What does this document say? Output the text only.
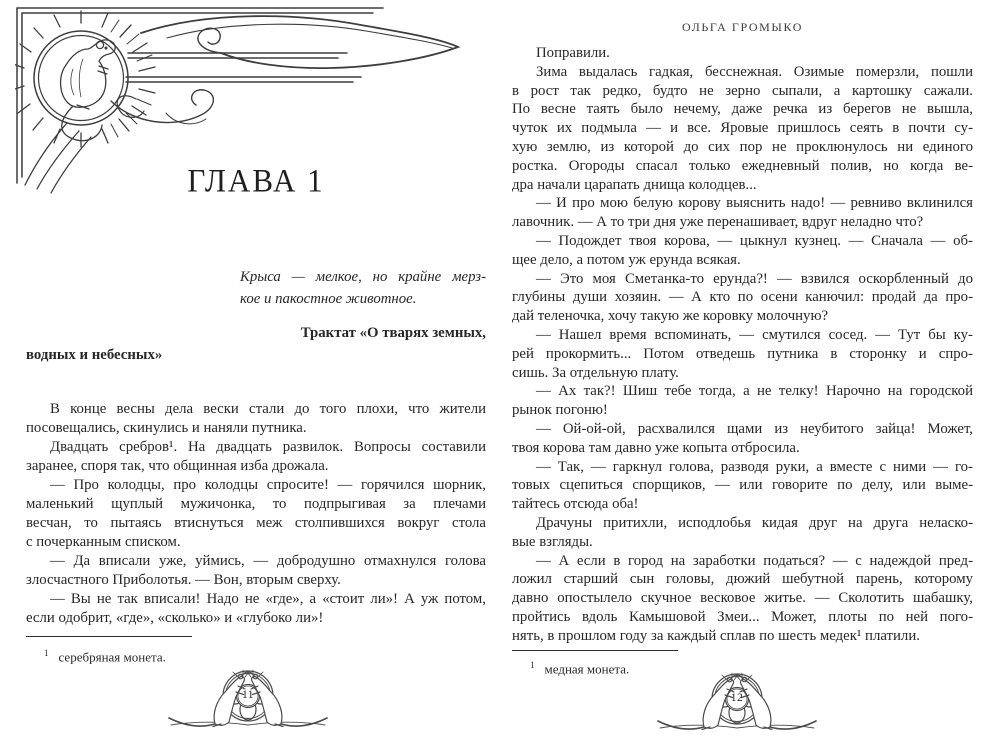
ГЛАВА 1
Крыса — мелкое, но крайне мерз-
кое и пакостное животное.
Трактат «О тварях земных,
водных и небесных»
В конце весны дела вески стали до того плохи, что жители
посовещались, скинулись и наняли путника.
Двадцать сребров¹. На двадцать развилок. Вопросы составили
заранее, споря так, что общинная изба дрожала.
— Про колодцы, про колодцы спросите! — горячился шорник,
маленький щуплый мужичонка, то подпрыгивая за плечами
весчан, то пытаясь втиснуться меж столпившихся вокруг стола
с почерканным списком.
— Да вписали уже, уймись, — добродушно отмахнулся голова
злосчастного Приболотья. — Вон, вторым сверху.
— Вы не так вписали! Надо не «где», а «стоит ли»! А уж потом,
если одобрит, «где», «сколько» и «глубоко ли»!
$^1$ серебряная монета.
11
ОЛЬГА ГРОМЫКО
Поправили.
Зима выдалась гадкая, бесснежная. Озимые померзли, пошли
в рост так редко, будто не зерно сыпали, а картошку сажали.
По весне таять было нечему, даже речка из берегов не вышла,
чуток их подмыла — и все. Яровые пришлось сеять в почти су-
хую землю, из которой до сих пор не проклюнулось ни единого
ростка. Огороды спасал только ежедневный полив, но когда ве-
дра начали царапать днища колодцев...
— И про мою белую корову выяснить надо! — ревниво вклинился
лавочник. — А то три дня уже перенашивает, вдруг неладно что?
— Подождет твоя корова, — цыкнул кузнец. — Сначала — об-
щее дело, а потом уж ерунда всякая.
— Это моя Сметанка-то ерунда?! — взвился оскорбленный до
глубины души хозяин. — А кто по осени канючил: продай да про-
дай теленочка, хочу такую же коровку молочную?
— Нашел время вспоминать, — смутился сосед. — Тут бы ку-
рей прокормить... Потом отведешь путника в сторонку и спро-
сишь. За отдельную плату.
— Ах так?! Шиш тебе тогда, а не телку! Нарочно на городской
рынок погоню!
— Ой-ой-ой, расхвалился щами из неубитого зайца! Может,
твоя корова там давно уже копыта отбросила.
— Так, — гаркнул голова, разводя руки, а вместе с ними — го-
товых сцепиться спорщиков, — или говорите по делу, или выме-
тайтесь отсюда оба!
Драчуны притихли, исподлобья кидая друг на друга неласко-
вые взгляды.
— А если в город на заработки податься? — с надеждой пред-
ложил старший сын головы, дюжий шебутной парень, которому
давно опостылело скучное весковое житье. — Сколотить шабашку,
пройтись вдоль Камышовой Змеи... Может, плоты по ней пого-
нять, в прошлом году за каждый сплав по шесть медек¹ платили.
$^1$ медная монета.
12
